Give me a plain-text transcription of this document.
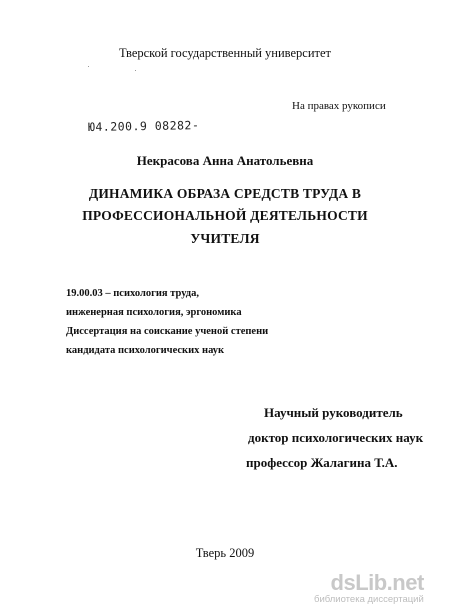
Тверской государственный университет
На правах рукописи
Ю4.200.9 08282-
Некрасова Анна Анатольевна
ДИНАМИКА ОБРАЗА СРЕДСТВ ТРУДА В
ПРОФЕССИОНАЛЬНОЙ ДЕЯТЕЛЬНОСТИ
УЧИТЕЛЯ
19.00.03 – психология труда,
инженерная психология, эргономика
Диссертация на соискание ученой степени
кандидата психологических наук
Научный руководитель
доктор психологических наук
профессор Жалагина Т.А.
Тверь 2009
dsLib.net
библиотека диссертаций
